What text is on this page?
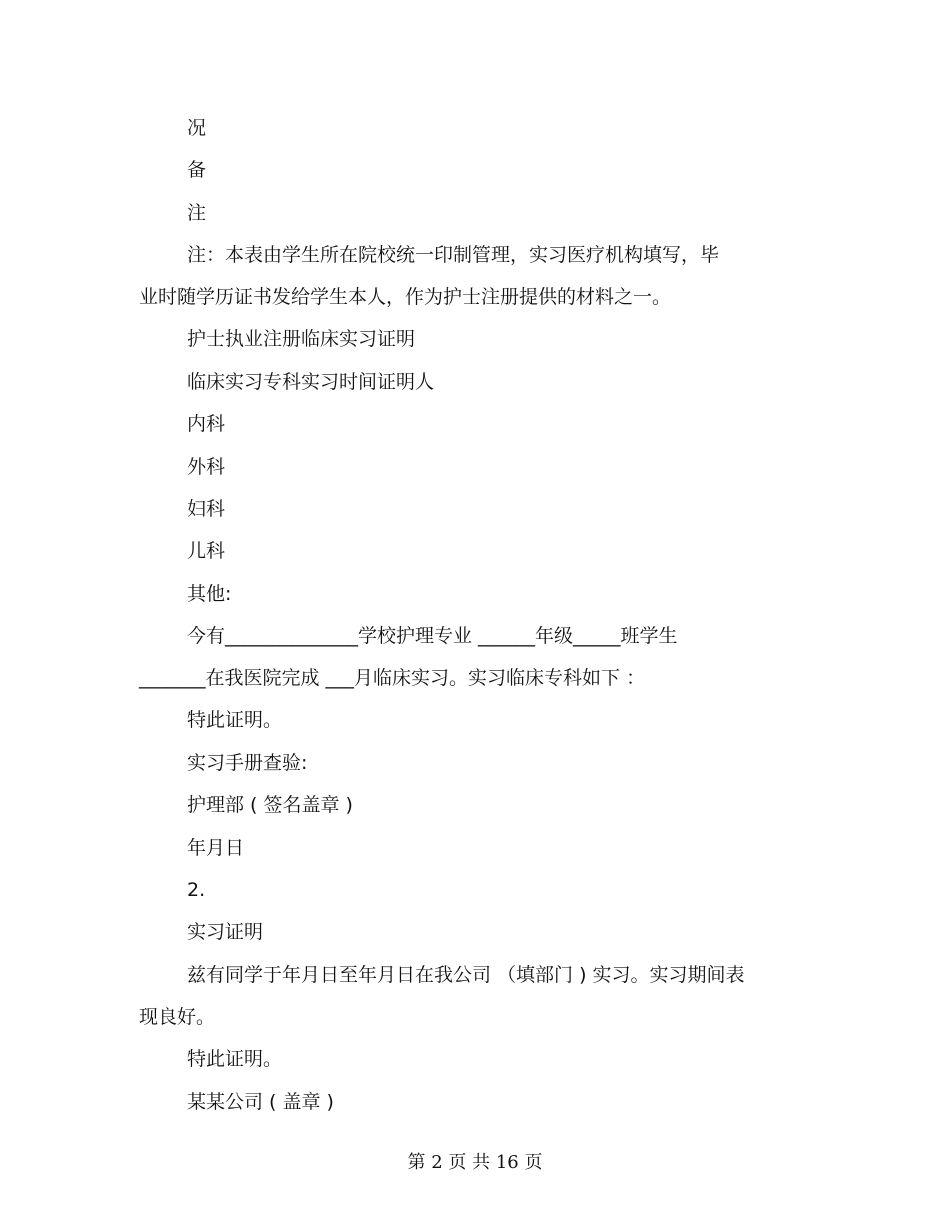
况
备
注
注：本表由学生所在院校统一印制管理，实习医疗机构填写，毕
业时随学历证书发给学生本人，作为护士注册提供的材料之一。
护士执业注册临床实习证明
临床实习专科实习时间证明人
内科
外科
妇科
儿科
其他:
今有______________学校护理专业 ______年级_____班学生
_______在我医院完成 ___月临床实习。实习临床专科如下 ：
特此证明。
实习手册查验:
护理部 ( 签名盖章 )
年月日
2.
实习证明
兹有同学于年月日至年月日在我公司 （填部门 ) 实习。实习期间表
现良好。
特此证明。
某某公司 ( 盖章 )
第 2 页 共 16 页
